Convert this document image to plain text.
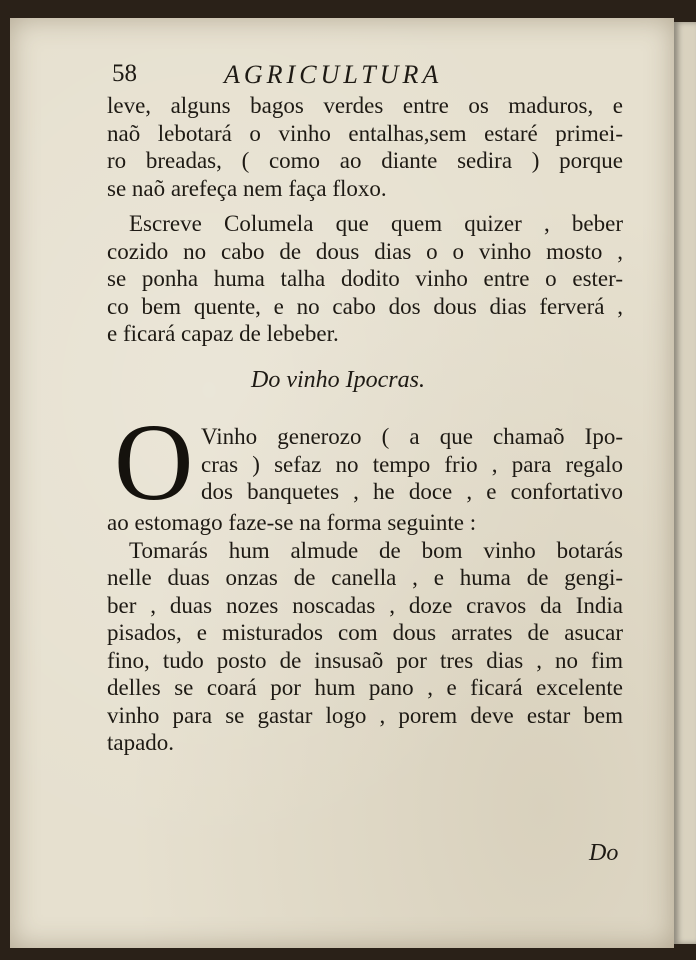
58	AGRICULTURA
leve, alguns bagos verdes entre os maduros, e
naõ lebotará o vinho entalhas,sem estaré primei-
ro breadas, ( como ao diante sedira ) porque
se naõ arefeça nem faça floxo.
Escreve Columela que quem quizer , beber
cozido no cabo de dous dias o o vinho mosto ,
se ponha huma talha dodito vinho entre o ester-
co bem quente, e no cabo dos dous dias ferverá ,
e ficará capaz de lebeber.
Do vinho Ipocras.
O Vinho generozo ( a que chamaõ Ipo-
cras ) sefaz no tempo frio , para regalo
dos banquetes , he doce , e confortativo
ao estomago faze-se na forma seguinte :
Tomarás hum almude de bom vinho botarás
nelle duas onzas de canella , e huma de gengi-
ber , duas nozes noscadas , doze cravos da India
pisados, e misturados com dous arrates de asucar
fino, tudo posto de insusaõ por tres dias , no fim
delles se coará por hum pano , e ficará excelente
vinho para se gastar logo , porem deve estar bem
tapado.
Do
